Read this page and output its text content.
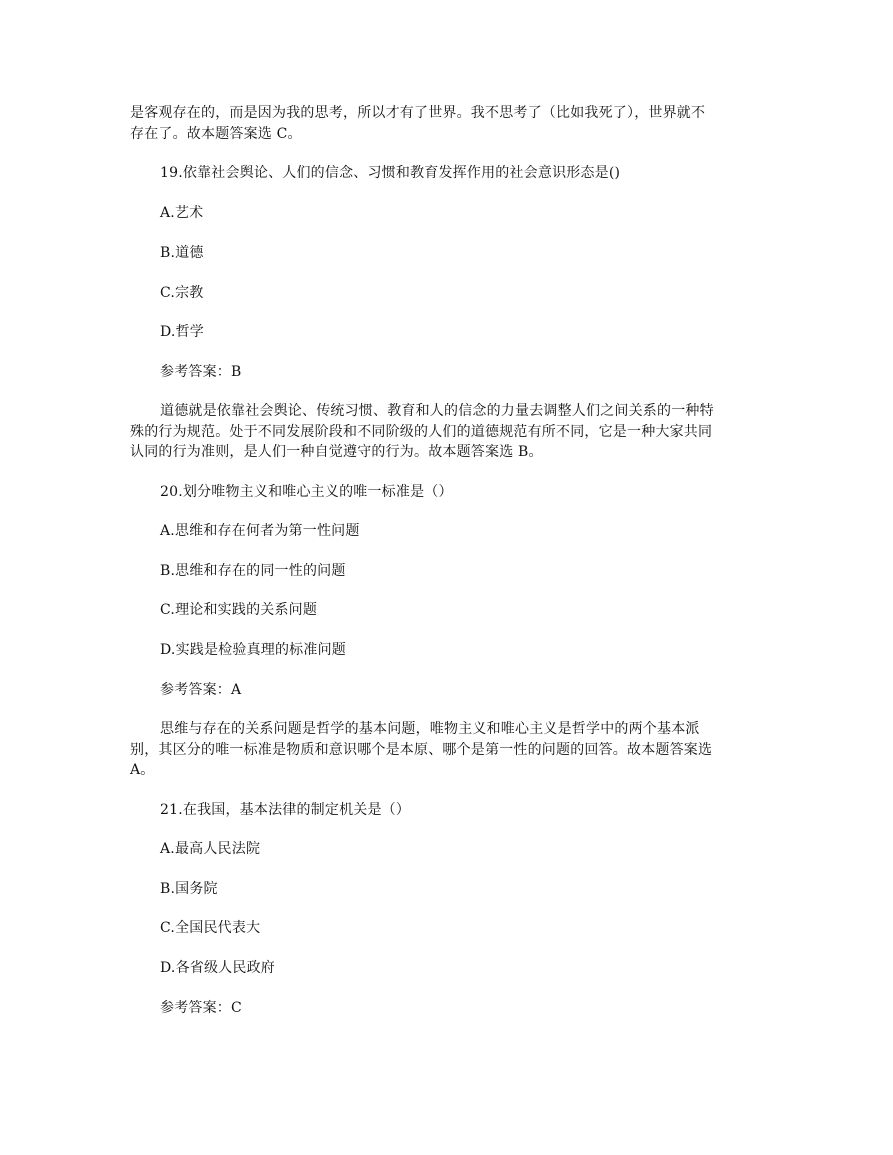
是客观存在的，而是因为我的思考，所以才有了世界。我不思考了（比如我死了），世界就不
存在了。故本题答案选 C。
19.依靠社会舆论、人们的信念、习惯和教育发挥作用的社会意识形态是()
A.艺术
B.道德
C.宗教
D.哲学
参考答案：B
道德就是依靠社会舆论、传统习惯、教育和人的信念的力量去调整人们之间关系的一种特
殊的行为规范。处于不同发展阶段和不同阶级的人们的道德规范有所不同，它是一种大家共同
认同的行为准则，是人们一种自觉遵守的行为。故本题答案选 B。
20.划分唯物主义和唯心主义的唯一标准是（）
A.思维和存在何者为第一性问题
B.思维和存在的同一性的问题
C.理论和实践的关系问题
D.实践是检验真理的标准问题
参考答案：A
思维与存在的关系问题是哲学的基本问题，唯物主义和唯心主义是哲学中的两个基本派
别，其区分的唯一标准是物质和意识哪个是本原、哪个是第一性的问题的回答。故本题答案选
A。
21.在我国，基本法律的制定机关是（）
A.最高人民法院
B.国务院
C.全国民代表大
D.各省级人民政府
参考答案：C
